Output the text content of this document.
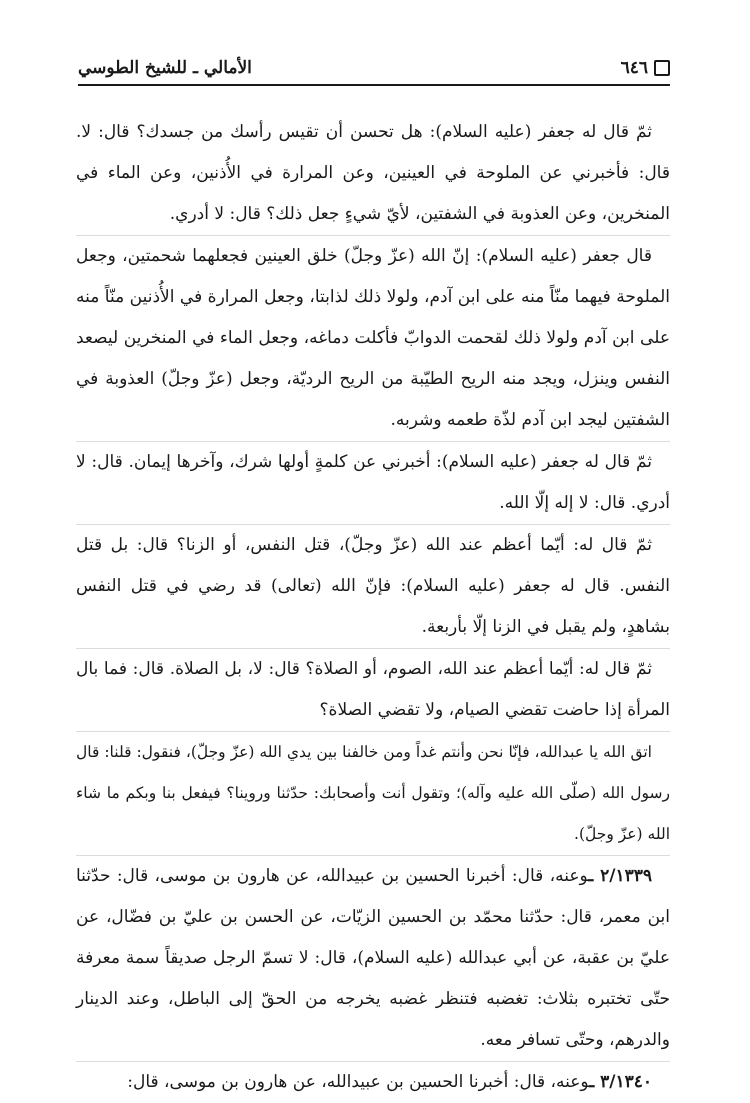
٦٤٦
الأمالي ـ للشيخ الطوسي

ثمّ قال له جعفر (عليه السلام): هل تحسن أن تقيس رأسك من جسدك؟ قال: لا. قال: فأخبرني عن الملوحة في العينين، وعن المرارة في الأُذنين، وعن الماء في المنخرين، وعن العذوبة في الشفتين، لأيّ شيءٍ جعل ذلك؟ قال: لا أدري.

قال جعفر (عليه السلام): إنّ الله (عزّ وجلّ) خلق العينين فجعلهما شحمتين، وجعل الملوحة فيهما منّاً منه على ابن آدم، ولولا ذلك لذابتا، وجعل المرارة في الأُذنين منّاً منه على ابن آدم ولولا ذلك لقحمت الدوابّ فأكلت دماغه، وجعل الماء في المنخرين ليصعد النفس وينزل، ويجد منه الريح الطيّبة من الريح الرديّة، وجعل (عزّ وجلّ) العذوبة في الشفتين ليجد ابن آدم لذّة طعمه وشربه.

ثمّ قال له جعفر (عليه السلام): أخبرني عن كلمةٍ أولها شرك، وآخرها إيمان. قال: لا أدري. قال: لا إله إلّا الله.

ثمّ قال له: أيّما أعظم عند الله (عزّ وجلّ)، قتل النفس، أو الزنا؟ قال: بل قتل النفس. قال له جعفر (عليه السلام): فإنّ الله (تعالى) قد رضي في قتل النفس بشاهدٍ، ولم يقبل في الزنا إلّا بأربعة.

ثمّ قال له: أيّما أعظم عند الله، الصوم، أو الصلاة؟ قال: لا، بل الصلاة. قال: فما بال المرأة إذا حاضت تقضي الصيام، ولا تقضي الصلاة؟

اتق الله يا عبدالله، فإنّا نحن وأنتم غداً ومن خالفنا بين يدي الله (عزّ وجلّ)، فنقول: قلنا: قال رسول الله (صلّى الله عليه وآله)؛ وتقول أنت وأصحابك: حدّثنا وروينا؟ فيفعل بنا وبكم ما شاء الله (عزّ وجلّ).

٢/١٣٣٩ ـوعنه، قال: أخبرنا الحسين بن عبيدالله، عن هارون بن موسى، قال: حدّثنا ابن معمر، قال: حدّثنا محمّد بن الحسين الزيّات، عن الحسن بن عليّ بن فضّال، عن عليّ بن عقبة، عن أبي عبدالله (عليه السلام)، قال: لا تسمّ الرجل صديقاً سمة معرفة حتّى تختبره بثلاث: تغضبه فتنظر غضبه يخرجه من الحقّ إلى الباطل، وعند الدينار والدرهم، وحتّى تسافر معه.

٣/١٣٤٠ ـوعنه، قال: أخبرنا الحسين بن عبيدالله، عن هارون بن موسى، قال:
